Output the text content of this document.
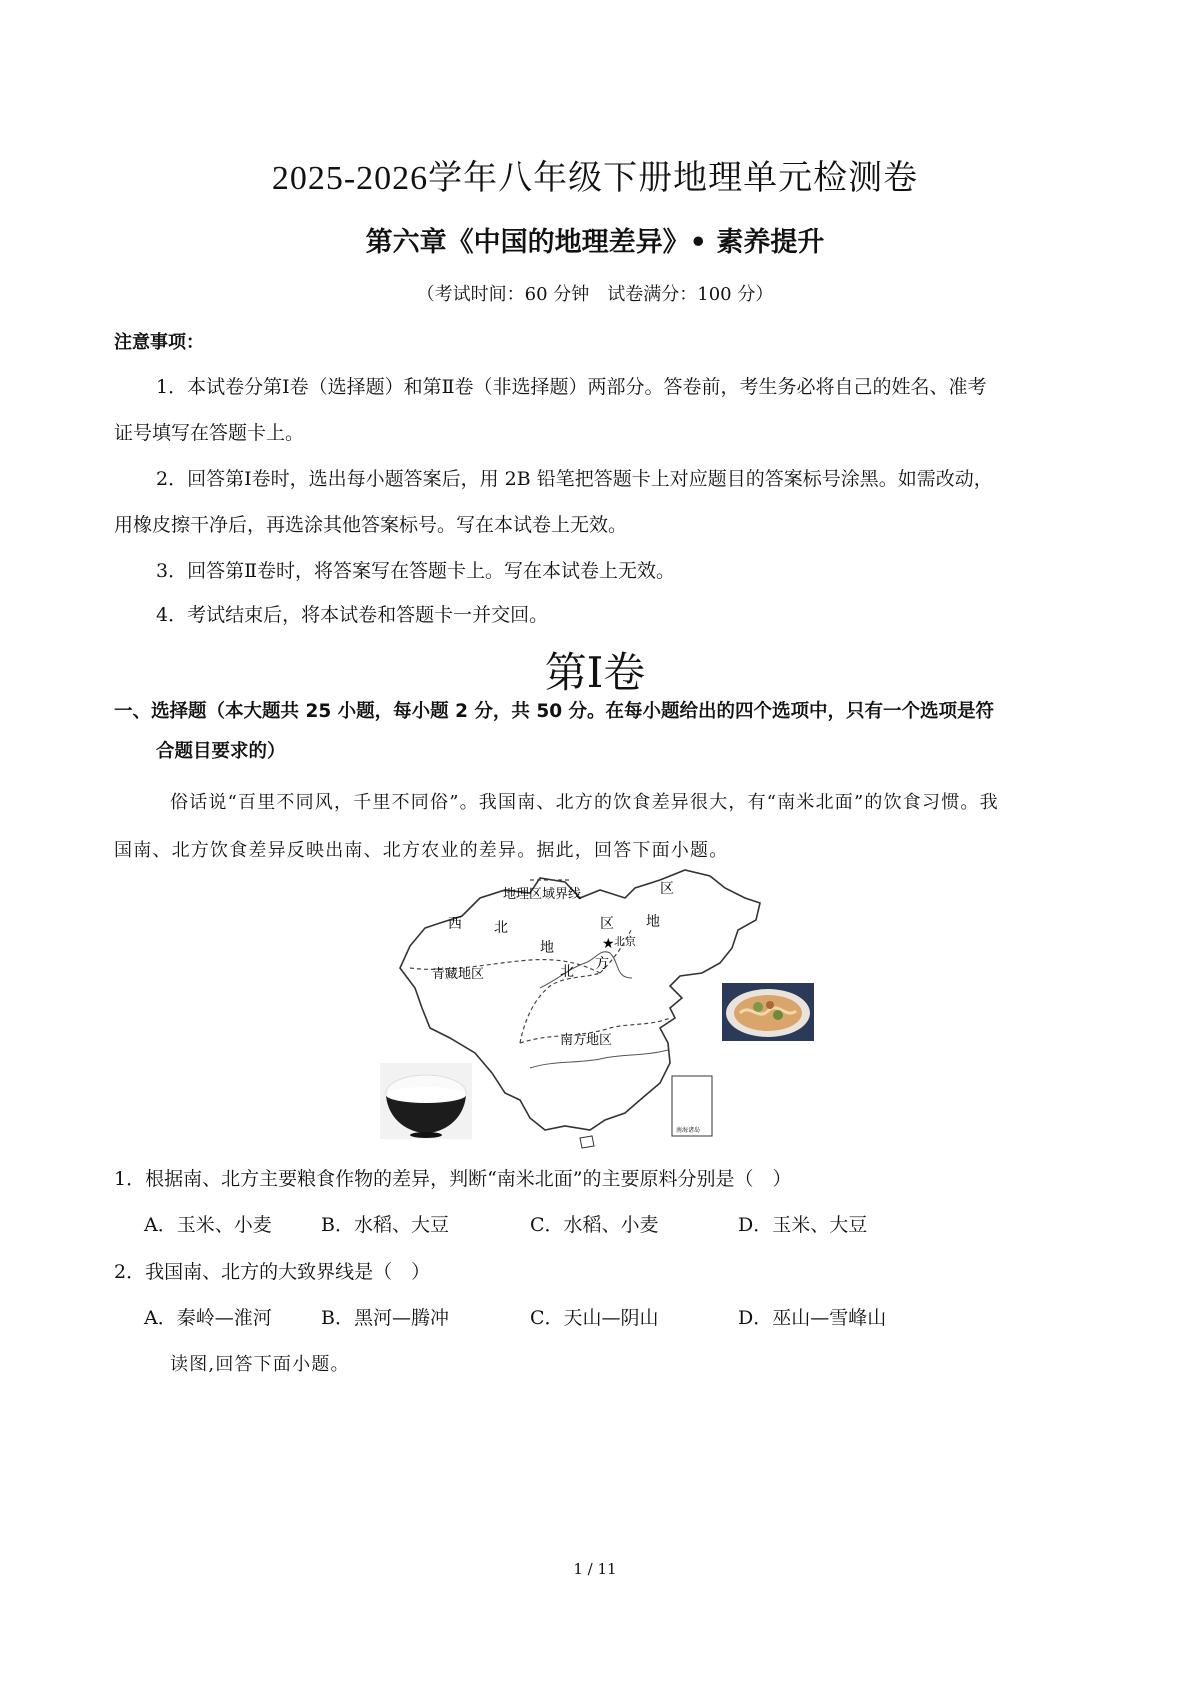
2025-2026学年八年级下册地理单元检测卷
第六章《中国的地理差异》• 素养提升
（考试时间：60 分钟　试卷满分：100 分）
注意事项：
1．本试卷分第Ⅰ卷（选择题）和第Ⅱ卷（非选择题）两部分。答卷前，考生务必将自己的姓名、准考
证号填写在答题卡上。
2．回答第Ⅰ卷时，选出每小题答案后，用 2B 铅笔把答题卡上对应题目的答案标号涂黑。如需改动，
用橡皮擦干净后，再选涂其他答案标号。写在本试卷上无效。
3．回答第Ⅱ卷时，将答案写在答题卡上。写在本试卷上无效。
4．考试结束后，将本试卷和答题卡一并交回。
第Ⅰ卷
一、选择题（本大题共 25 小题，每小题 2 分，共 50 分。在每小题给出的四个选项中，只有一个选项是符
合题目要求的）
俗话说“百里不同风，千里不同俗”。我国南、北方的饮食差异很大，有“南米北面”的饮食习惯。我
国南、北方饮食差异反映出南、北方农业的差异。据此，回答下面小题。
地理区域界线
西 北
地
区
青藏地区	北 方
地
区
★ 北京
南方地区
南海诸岛
1．根据南、北方主要粮食作物的差异，判断“南米北面”的主要原料分别是（　）
A．玉米、小麦	B．水稻、大豆	C．水稻、小麦	D．玉米、大豆
2．我国南、北方的大致界线是（　）
A．秦岭—淮河	B．黑河—腾冲	C．天山—阴山	D．巫山—雪峰山
读图,回答下面小题。
1 / 11
